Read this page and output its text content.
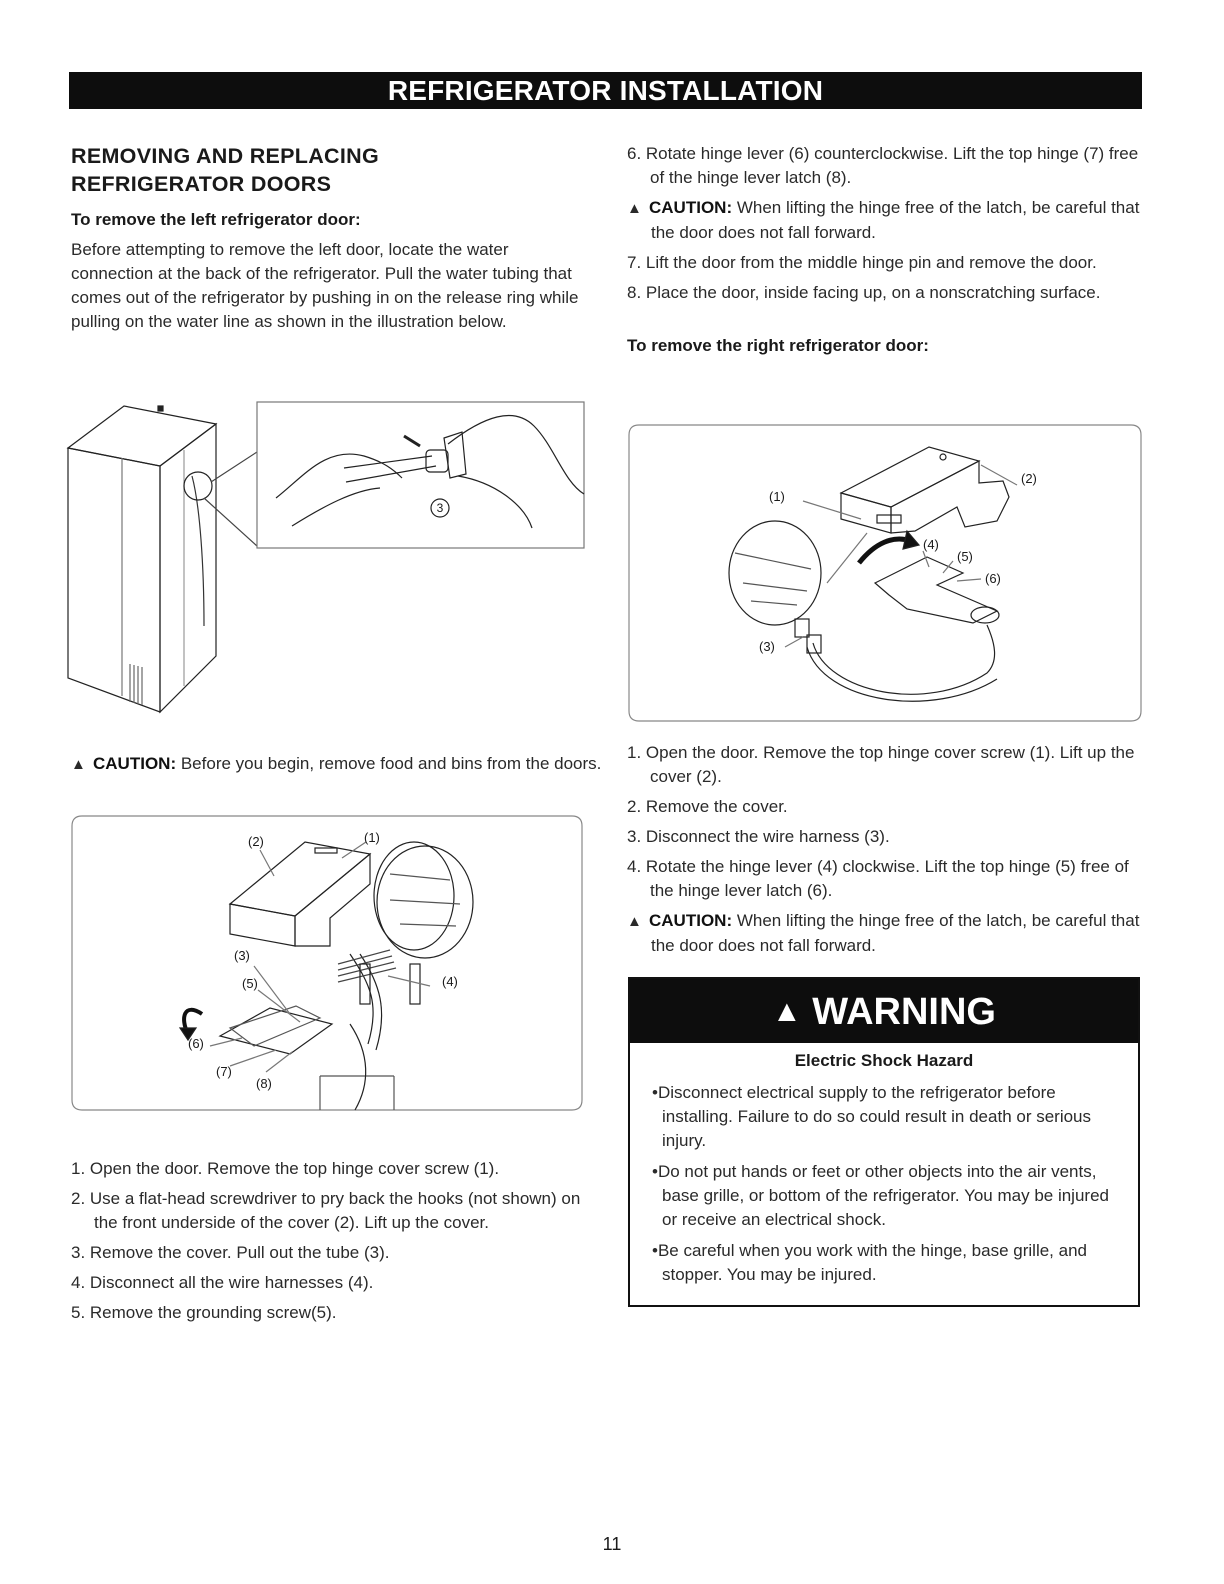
REFRIGERATOR INSTALLATION
REMOVING AND REPLACING
REFRIGERATOR DOORS
To remove the left refrigerator door:

Before attempting to remove the left door, locate the water connection at the back of the refrigerator. Pull the water tubing that comes out of the refrigerator by pushing in on the release ring while pulling on the water line as shown in the illustration below.

3
▲ CAUTION: Before you begin, remove food and bins from the doors.
(1)
(2)
(3)
(4)
(5)
(6)
(7)
(8)
1. Open the door. Remove the top hinge cover screw (1).
2. Use a flat-head screwdriver to pry back the hooks (not shown) on the front underside of the cover (2). Lift up the cover.
3. Remove the cover. Pull out the tube (3).
4. Disconnect all the wire harnesses (4).
5. Remove the grounding screw(5).
6. Rotate hinge lever (6) counterclockwise. Lift the top hinge (7) free of the hinge lever latch (8).
▲ CAUTION: When lifting the hinge free of the latch, be careful that the door does not fall forward.
7. Lift the door from the middle hinge pin and remove the door.
8. Place the door, inside facing up, on a nonscratching surface.
To remove the right refrigerator door:
(1)
(2)
(3)
(4)
(5)
(6)
1. Open the door. Remove the top hinge cover screw (1). Lift up the cover (2).
2. Remove the cover.
3. Disconnect the wire harness (3).
4. Rotate the hinge lever (4) clockwise. Lift the top hinge (5) free of the hinge lever latch (6).
▲ CAUTION: When lifting the hinge free of the latch, be careful that the door does not fall forward.
▲ WARNING
Electric Shock Hazard
•Disconnect electrical supply to the refrigerator before installing. Failure to do so could result in death or serious injury.
•Do not put hands or feet or other objects into the air vents, base grille, or bottom of the refrigerator. You may be injured or receive an electrical shock.
•Be careful when you work with the hinge, base grille, and stopper. You may be injured.
11
